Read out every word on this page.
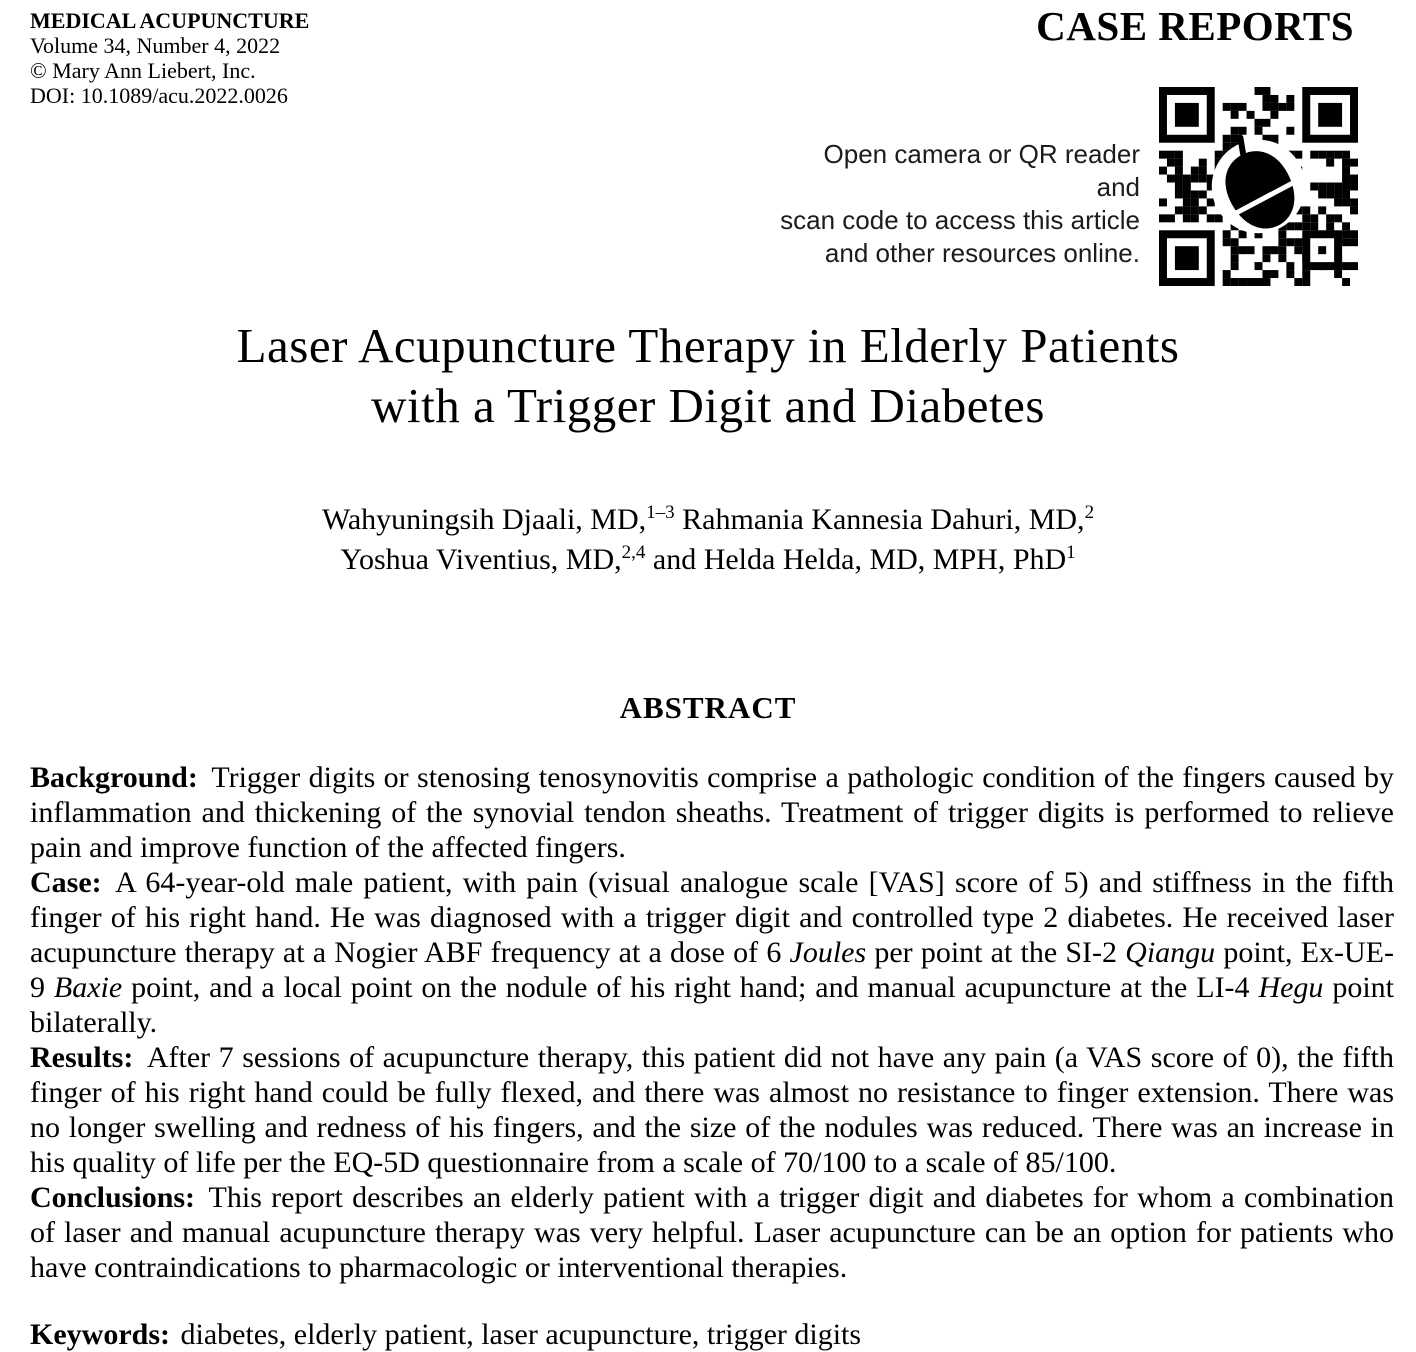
MEDICAL ACUPUNCTURE
Volume 34, Number 4, 2022
© Mary Ann Liebert, Inc.
DOI: 10.1089/acu.2022.0026
CASE REPORTS
Open camera or QR reader and
scan code to access this article
and other resources online.
Laser Acupuncture Therapy in Elderly Patients
with a Trigger Digit and Diabetes
Wahyuningsih Djaali, MD,$^{1-3}$ Rahmania Kannesia Dahuri, MD,$^2$
Yoshua Viventius, MD,$^{2,4}$ and Helda Helda, MD, MPH, PhD$^1$
ABSTRACT

Background: Trigger digits or stenosing tenosynovitis comprise a pathologic condition of the fingers caused by inflammation and thickening of the synovial tendon sheaths. Treatment of trigger digits is performed to relieve pain and improve function of the affected fingers.

Case: A 64-year-old male patient, with pain (visual analogue scale [VAS] score of 5) and stiffness in the fifth finger of his right hand. He was diagnosed with a trigger digit and controlled type 2 diabetes. He received laser acupuncture therapy at a Nogier ABF frequency at a dose of 6 Joules per point at the SI-2 Qiangu point, Ex-UE-9 Baxie point, and a local point on the nodule of his right hand; and manual acupuncture at the LI-4 Hegu point bilaterally.

Results: After 7 sessions of acupuncture therapy, this patient did not have any pain (a VAS score of 0), the fifth finger of his right hand could be fully flexed, and there was almost no resistance to finger extension. There was no longer swelling and redness of his fingers, and the size of the nodules was reduced. There was an increase in his quality of life per the EQ-5D questionnaire from a scale of 70/100 to a scale of 85/100.

Conclusions: This report describes an elderly patient with a trigger digit and diabetes for whom a combination of laser and manual acupuncture therapy was very helpful. Laser acupuncture can be an option for patients who have contraindications to pharmacologic or interventional therapies.

Keywords: diabetes, elderly patient, laser acupuncture, trigger digits
